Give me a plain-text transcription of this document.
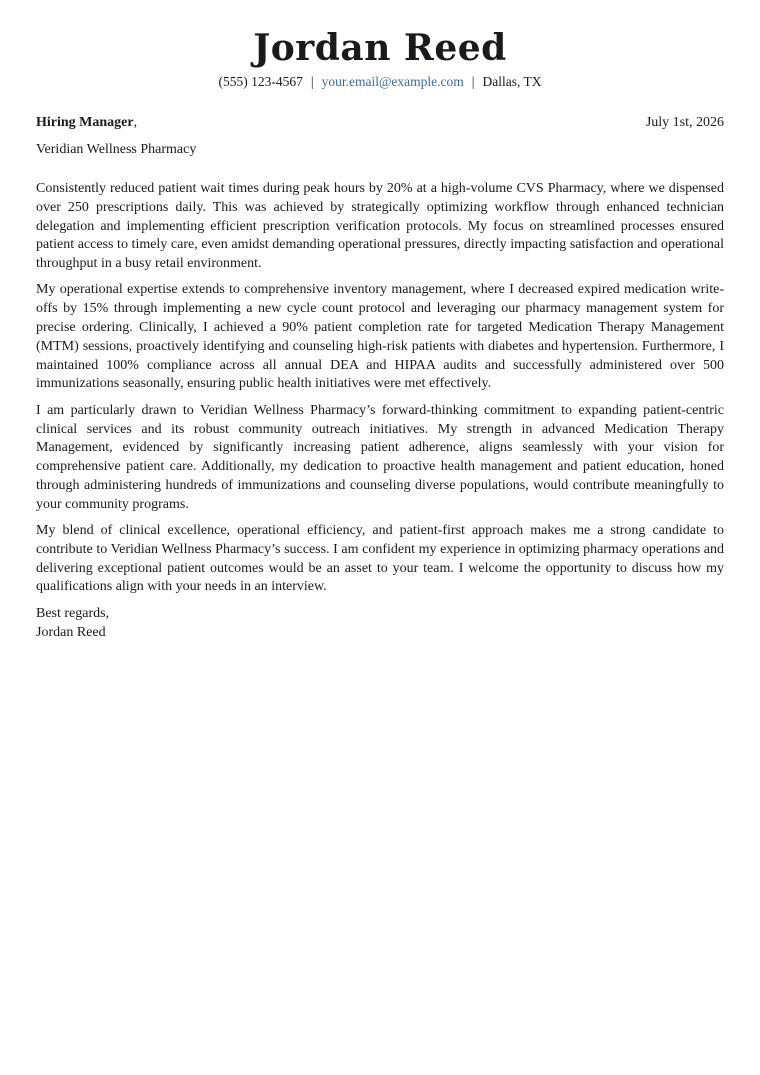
Jordan Reed
(555) 123-4567 | your.email@example.com | Dallas, TX
Hiring Manager,	July 1st, 2026
Veridian Wellness Pharmacy

Consistently reduced patient wait times during peak hours by 20% at a high-volume CVS Pharmacy, where we dispensed over 250 prescriptions daily. This was achieved by strategically optimizing workflow through enhanced technician delegation and implementing efficient prescription verification protocols. My focus on streamlined processes ensured patient access to timely care, even amidst demanding operational pressures, directly impacting satisfaction and operational throughput in a busy retail environment.

My operational expertise extends to comprehensive inventory management, where I decreased expired medication write-offs by 15% through implementing a new cycle count protocol and leveraging our pharmacy management system for precise ordering. Clinically, I achieved a 90% patient completion rate for targeted Medication Therapy Management (MTM) sessions, proactively identifying and counseling high-risk patients with diabetes and hypertension. Furthermore, I maintained 100% compliance across all annual DEA and HIPAA audits and successfully administered over 500 immunizations seasonally, ensuring public health initiatives were met effectively.

I am particularly drawn to Veridian Wellness Pharmacy’s forward-thinking commitment to expanding patient-centric clinical services and its robust community outreach initiatives. My strength in advanced Medication Therapy Management, evidenced by significantly increasing patient adherence, aligns seamlessly with your vision for comprehensive patient care. Additionally, my dedication to proactive health management and patient education, honed through administering hundreds of immunizations and counseling diverse populations, would contribute meaningfully to your community programs.

My blend of clinical excellence, operational efficiency, and patient-first approach makes me a strong candidate to contribute to Veridian Wellness Pharmacy’s success. I am confident my experience in optimizing pharmacy operations and delivering exceptional patient outcomes would be an asset to your team. I welcome the opportunity to discuss how my qualifications align with your needs in an interview.

Best regards,
Jordan Reed
